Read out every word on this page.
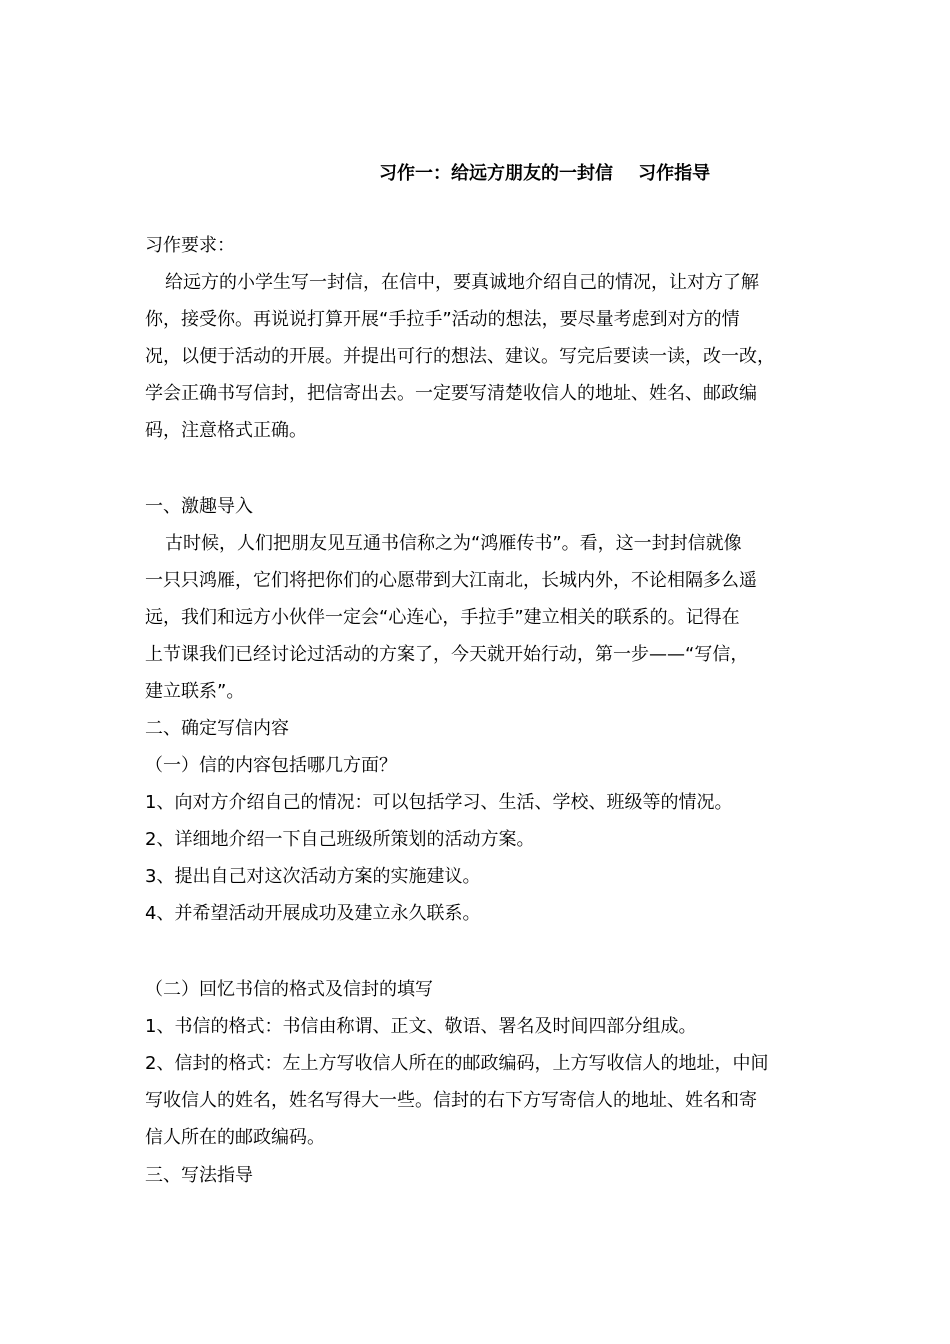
习作一：给远方朋友的一封信    习作指导
习作要求：
给远方的小学生写一封信，在信中，要真诚地介绍自己的情况，让对方了解
你，接受你。再说说打算开展“手拉手”活动的想法，要尽量考虑到对方的情
况，以便于活动的开展。并提出可行的想法、建议。写完后要读一读，改一改，
学会正确书写信封，把信寄出去。一定要写清楚收信人的地址、姓名、邮政编
码，注意格式正确。
一、激趣导入
古时候，人们把朋友见互通书信称之为“鸿雁传书”。看，这一封封信就像
一只只鸿雁，它们将把你们的心愿带到大江南北，长城内外，不论相隔多么遥
远，我们和远方小伙伴一定会“心连心，手拉手”建立相关的联系的。记得在
上节课我们已经讨论过活动的方案了，今天就开始行动，第一步——“写信，
建立联系”。
二、确定写信内容
（一）信的内容包括哪几方面？
1、向对方介绍自己的情况：可以包括学习、生活、学校、班级等的情况。
2、详细地介绍一下自己班级所策划的活动方案。
3、提出自己对这次活动方案的实施建议。
4、并希望活动开展成功及建立永久联系。
（二）回忆书信的格式及信封的填写
1、书信的格式：书信由称谓、正文、敬语、署名及时间四部分组成。
2、信封的格式：左上方写收信人所在的邮政编码，上方写收信人的地址，中间
写收信人的姓名，姓名写得大一些。信封的右下方写寄信人的地址、姓名和寄
信人所在的邮政编码。
三、写法指导
